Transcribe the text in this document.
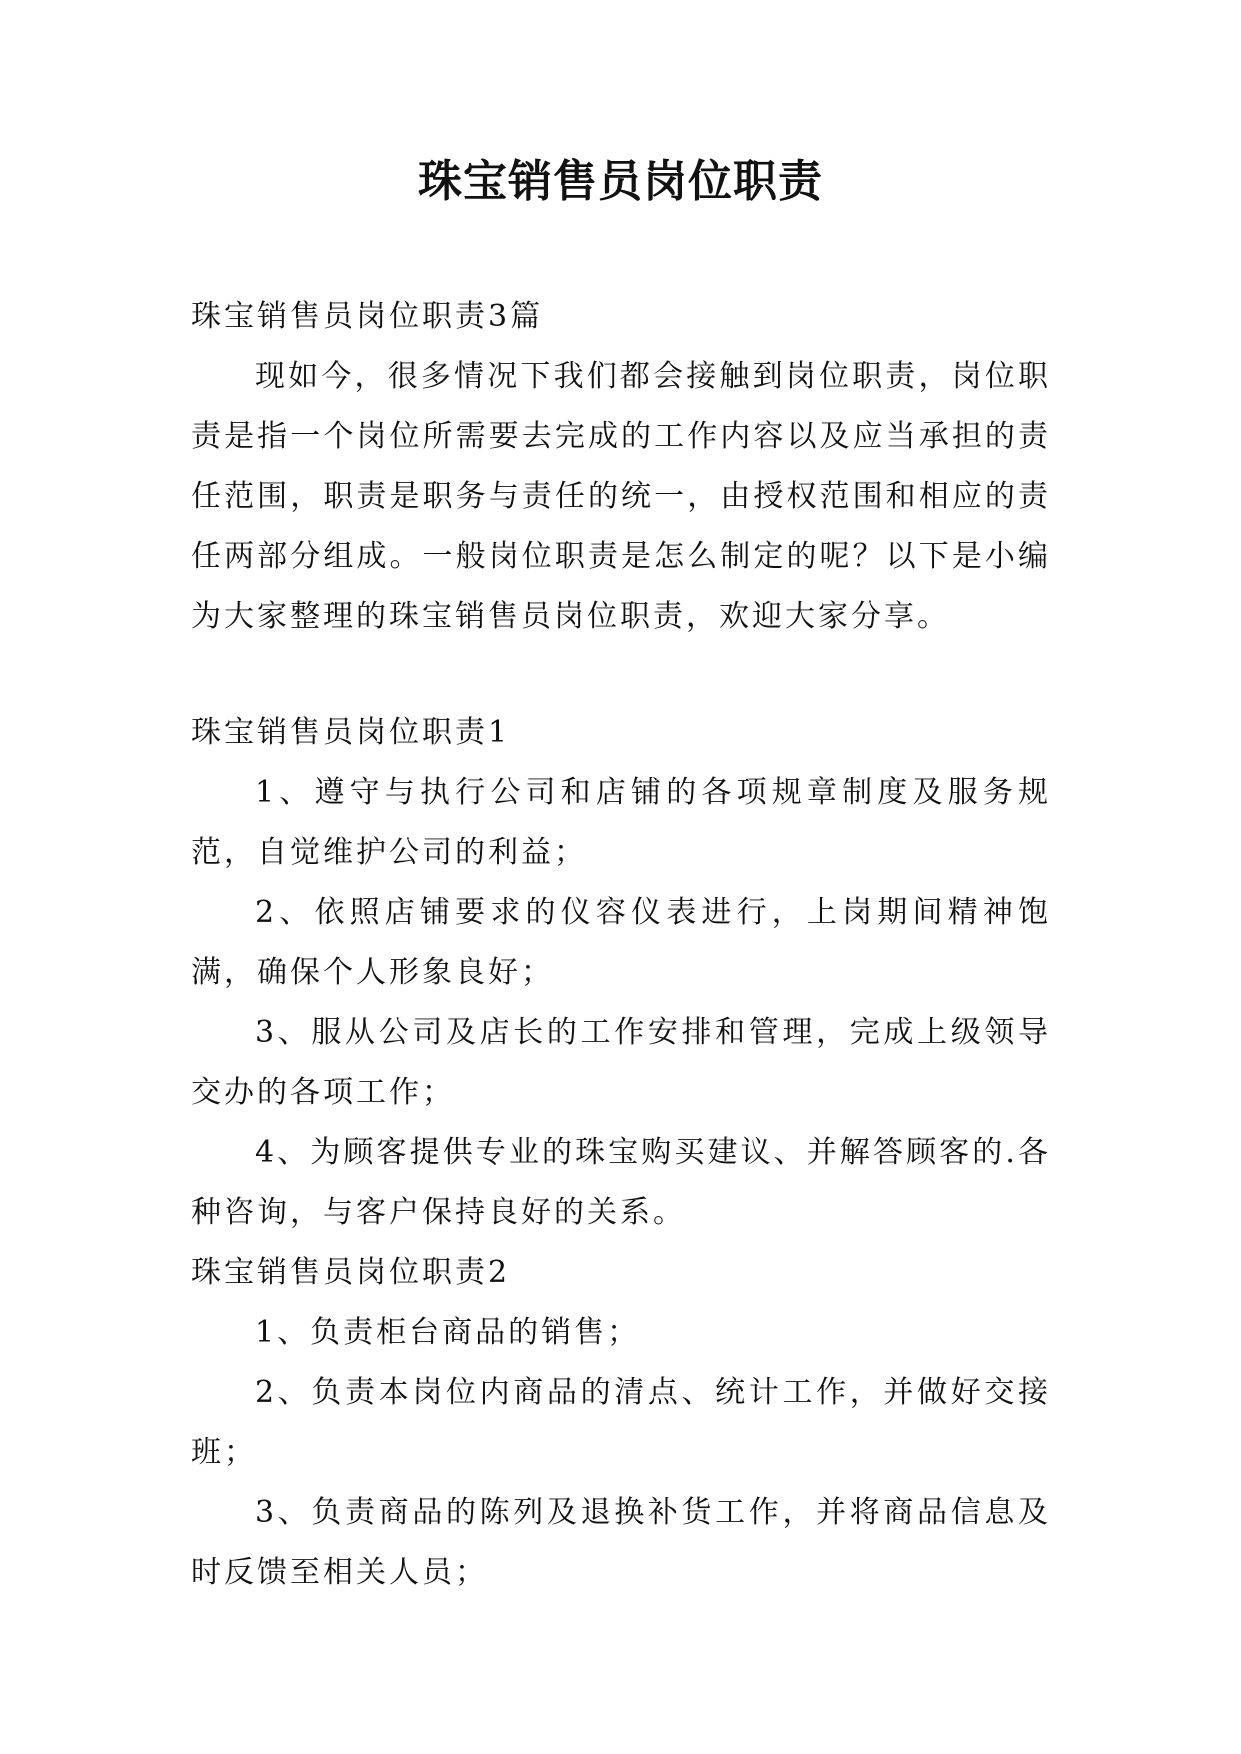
珠宝销售员岗位职责

珠宝销售员岗位职责3篇

现如今，很多情况下我们都会接触到岗位职责，岗位职责是指一个岗位所需要去完成的工作内容以及应当承担的责任范围，职责是职务与责任的统一，由授权范围和相应的责任两部分组成。一般岗位职责是怎么制定的呢？以下是小编为大家整理的珠宝销售员岗位职责，欢迎大家分享。

珠宝销售员岗位职责1

1、遵守与执行公司和店铺的各项规章制度及服务规范，自觉维护公司的利益；

2、依照店铺要求的仪容仪表进行，上岗期间精神饱满，确保个人形象良好；

3、服从公司及店长的工作安排和管理，完成上级领导交办的各项工作；

4、为顾客提供专业的珠宝购买建议、并解答顾客的.各种咨询，与客户保持良好的关系。

珠宝销售员岗位职责2

1、负责柜台商品的销售；

2、负责本岗位内商品的清点、统计工作，并做好交接班；

3、负责商品的陈列及退换补货工作，并将商品信息及时反馈至相关人员；
